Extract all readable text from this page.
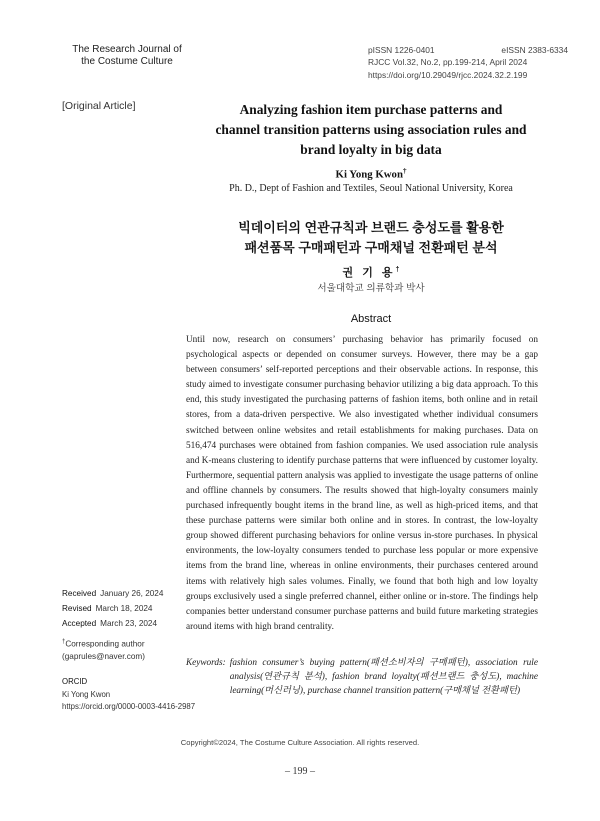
The Research Journal of
the Costume Culture
pISSN 1226-0401	eISSN 2383-6334
RJCC Vol.32, No.2, pp.199-214, April 2024
https://doi.org/10.29049/rjcc.2024.32.2.199
[Original Article]	Analyzing fashion item purchase patterns and
channel transition patterns using association rules and
brand loyalty in big data
Ki Yong Kwon†
Ph. D., Dept of Fashion and Textiles, Seoul National University, Korea
빅데이터의 연관규칙과 브랜드 충성도를 활용한
패션품목 구매패턴과 구매채널 전환패턴 분석
권 기 용†
서울대학교 의류학과 박사
Abstract
Until now, research on consumers’ purchasing behavior has primarily focused on psychological aspects or depended on consumer surveys. However, there may be a gap between consumers’ self-reported perceptions and their observable actions. In response, this study aimed to investigate consumer purchasing behavior utilizing a big data approach. To this end, this study investigated the purchasing patterns of fashion items, both online and in retail stores, from a data-driven perspective. We also investigated whether individual consumers switched between online websites and retail establishments for making purchases. Data on 516,474 purchases were obtained from fashion companies. We used association rule analysis and K-means clustering to identify purchase patterns that were influenced by customer loyalty. Furthermore, sequential pattern analysis was applied to investigate the usage patterns of online and offline channels by consumers. The results showed that high-loyalty consumers mainly purchased infrequently bought items in the brand line, as well as high-priced items, and that these purchase patterns were similar both online and in stores. In contrast, the low-loyalty group showed different purchasing behaviors for online versus in-store purchases. In physical environments, the low-loyalty consumers tended to purchase less popular or more expensive items from the brand line, whereas in online environments, their purchases centered around items with relatively high sales volumes. Finally, we found that both high and low loyalty groups exclusively used a single preferred channel, either online or in-store. The findings help companies better understand consumer purchase patterns and build future marketing strategies around items with high brand centrality.
Keywords: fashion consumer’s buying pattern(패션소비자의 구매패턴), association rule analysis(연관규칙 분석), fashion brand loyalty(패션브랜드 충성도), machine learning(머신러닝), purchase channel transition pattern(구매채널 전환패턴)
Received January 26, 2024
Revised March 18, 2024
Accepted March 23, 2024
†Corresponding author
(gaprules@naver.com)
ORCID
Ki Yong Kwon
https://orcid.org/0000-0003-4416-2987
Copyright©2024, The Costume Culture Association. All rights reserved.
– 199 –
